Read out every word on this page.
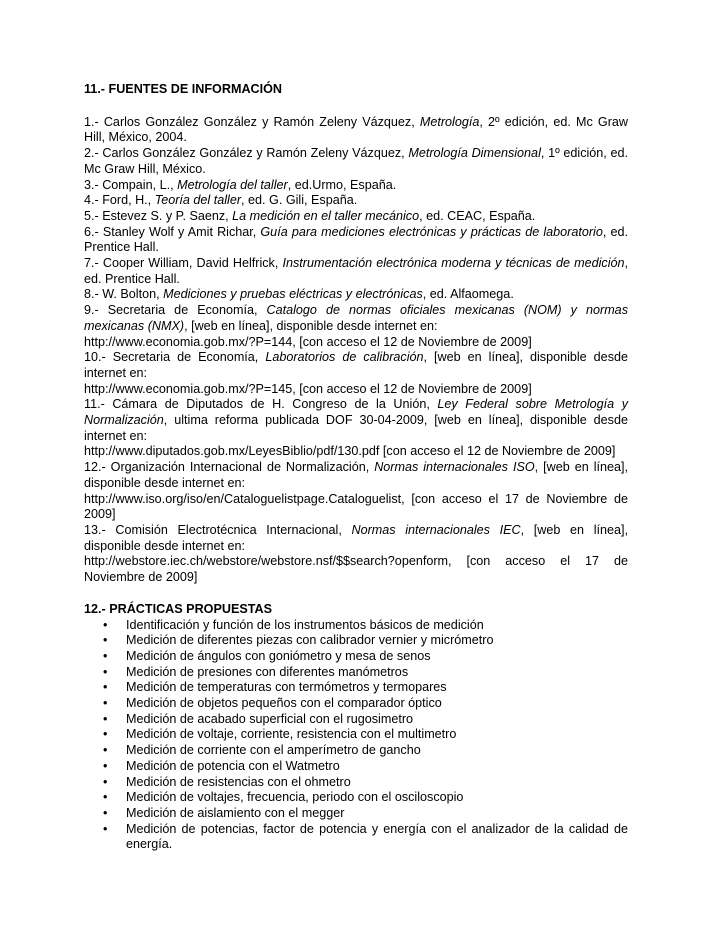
11.- FUENTES DE INFORMACIÓN

1.- Carlos González González y Ramón Zeleny Vázquez, Metrología, 2º edición, ed. Mc Graw Hill, México, 2004.

2.- Carlos González González y Ramón Zeleny Vázquez, Metrología Dimensional, 1º edición, ed. Mc Graw Hill, México.

3.- Compain, L., Metrología del taller, ed.Urmo, España.

4.- Ford, H., Teoría del taller, ed. G. Gili, España.

5.- Estevez S. y P. Saenz, La medición en el taller mecánico, ed. CEAC, España.

6.- Stanley Wolf y Amit Richar, Guía para mediciones electrónicas y prácticas de laboratorio, ed. Prentice Hall.

7.- Cooper William, David Helfrick, Instrumentación electrónica moderna y técnicas de medición, ed. Prentice Hall.

8.- W. Bolton, Mediciones y pruebas eléctricas y electrónicas, ed. Alfaomega.

9.- Secretaria de Economía, Catalogo de normas oficiales mexicanas (NOM) y normas mexicanas (NMX), [web en línea], disponible desde internet en:
http://www.economia.gob.mx/?P=144, [con acceso el 12 de Noviembre de 2009]

10.- Secretaria de Economía, Laboratorios de calibración, [web en línea], disponible desde internet en:
http://www.economia.gob.mx/?P=145, [con acceso el 12 de Noviembre de 2009]

11.- Cámara de Diputados de H. Congreso de la Unión, Ley Federal sobre Metrología y Normalización, ultima reforma publicada DOF 30-04-2009, [web en línea], disponible desde internet en:
http://www.diputados.gob.mx/LeyesBiblio/pdf/130.pdf [con acceso el 12 de Noviembre de 2009]

12.- Organización Internacional de Normalización, Normas internacionales ISO, [web en línea], disponible desde internet en:
http://www.iso.org/iso/en/Cataloguelistpage.Cataloguelist, [con acceso el 17 de Noviembre de 2009]

13.- Comisión Electrotécnica Internacional, Normas internacionales IEC, [web en línea], disponible desde internet en:
http://webstore.iec.ch/webstore/webstore.nsf/$$search?openform, [con acceso el 17 de Noviembre de 2009]

12.- PRÁCTICAS PROPUESTAS
• Identificación y función de los instrumentos básicos de medición
• Medición de diferentes piezas con calibrador vernier y micrómetro
• Medición de ángulos con goniómetro y mesa de senos
• Medición de presiones con diferentes manómetros
• Medición de temperaturas con termómetros y termopares
• Medición de objetos pequeños con el comparador óptico
• Medición de acabado superficial con el rugosimetro
• Medición de voltaje, corriente, resistencia con el multimetro
• Medición de corriente con el amperímetro de gancho
• Medición de potencia con el Watmetro
• Medición de resistencias con el ohmetro
• Medición de voltajes, frecuencia, periodo con el osciloscopio
• Medición de aislamiento con el megger
• Medición de potencias, factor de potencia y energía con el analizador de la calidad de energía.
